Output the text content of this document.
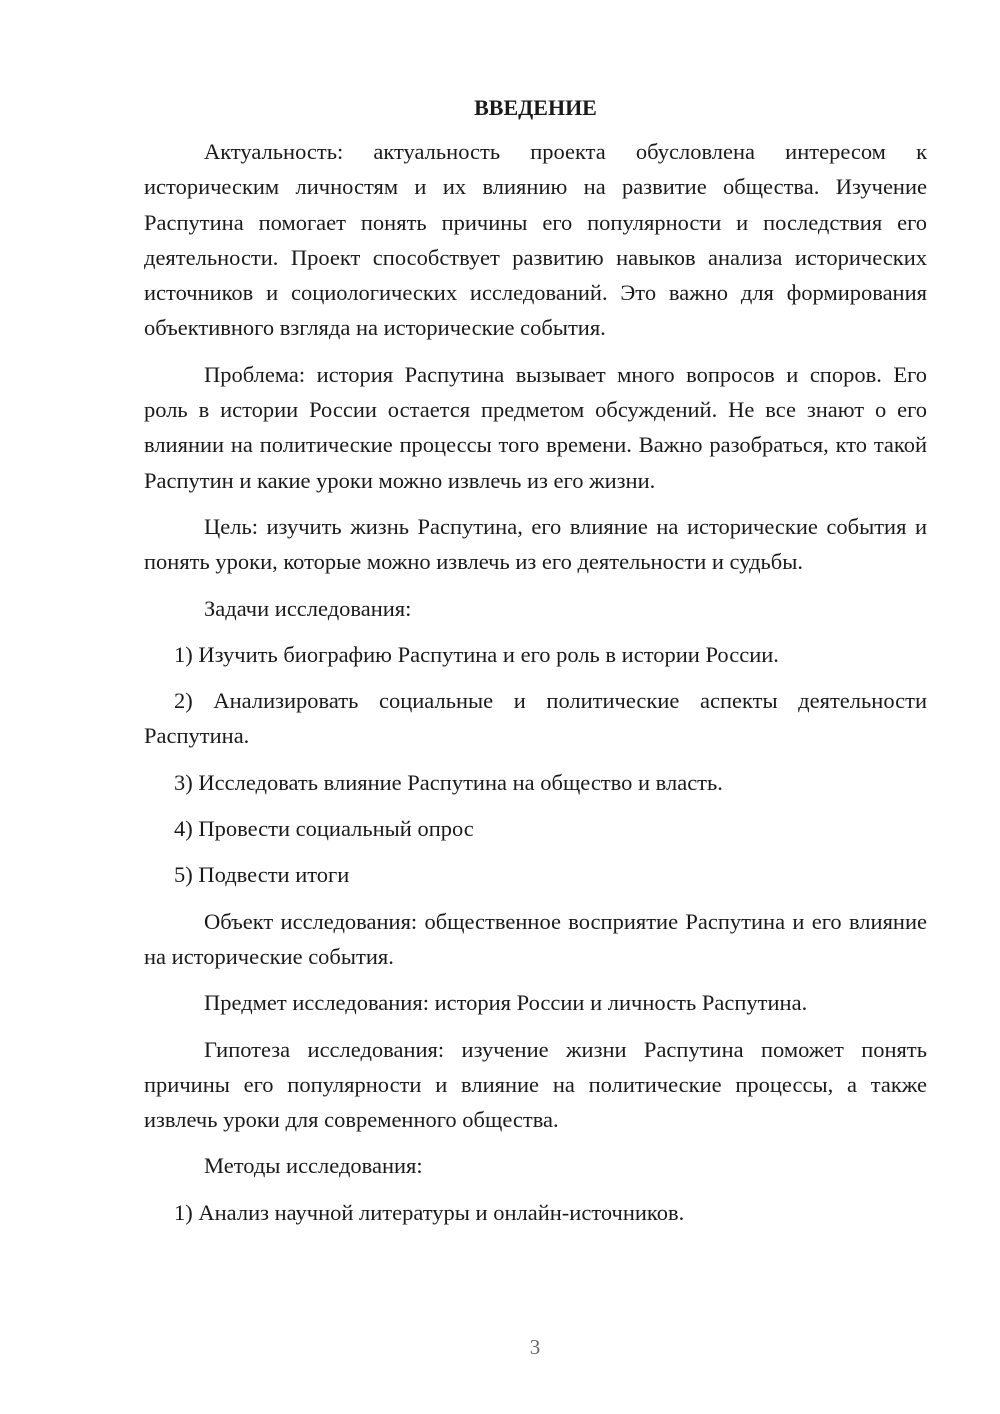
ВВЕДЕНИЕ

Актуальность: актуальность проекта обусловлена интересом к историческим личностям и их влиянию на развитие общества. Изучение Распутина помогает понять причины его популярности и последствия его деятельности. Проект способствует развитию навыков анализа исторических источников и социологических исследований. Это важно для формирования объективного взгляда на исторические события.

Проблема: история Распутина вызывает много вопросов и споров. Его роль в истории России остается предметом обсуждений. Не все знают о его влиянии на политические процессы того времени. Важно разобраться, кто такой Распутин и какие уроки можно извлечь из его жизни.

Цель: изучить жизнь Распутина, его влияние на исторические события и понять уроки, которые можно извлечь из его деятельности и судьбы.

Задачи исследования:

1) Изучить биографию Распутина и его роль в истории России.

2) Анализировать социальные и политические аспекты деятельности Распутина.

3) Исследовать влияние Распутина на общество и власть.

4) Провести социальный опрос

5) Подвести итоги

Объект исследования: общественное восприятие Распутина и его влияние на исторические события.

Предмет исследования: история России и личность Распутина.

Гипотеза исследования: изучение жизни Распутина поможет понять причины его популярности и влияние на политические процессы, а также извлечь уроки для современного общества.

Методы исследования:

1) Анализ научной литературы и онлайн-источников.

3
